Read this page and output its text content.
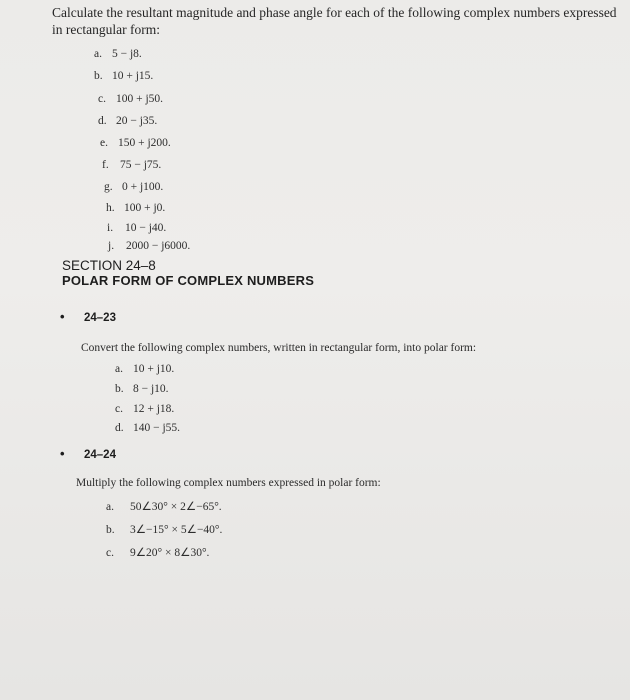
Calculate the resultant magnitude and phase angle for each of the following complex numbers expressed in rectangular form:
a. 5 − j8.
b. 10 + j15.
c. 100 + j50.
d. 20 − j35.
e. 150 + j200.
f. 75 − j75.
g. 0 + j100.
h. 100 + j0.
i. 10 − j40.
j. 2000 − j6000.
SECTION 24–8
POLAR FORM OF COMPLEX NUMBERS
• 24–23
Convert the following complex numbers, written in rectangular form, into polar form:
a. 10 + j10.
b. 8 − j10.
c. 12 + j18.
d. 140 − j55.
• 24–24
Multiply the following complex numbers expressed in polar form:
a. 50∠30° × 2∠−65°.
b. 3∠−15° × 5∠−40°.
c. 9∠20° × 8∠30°.
